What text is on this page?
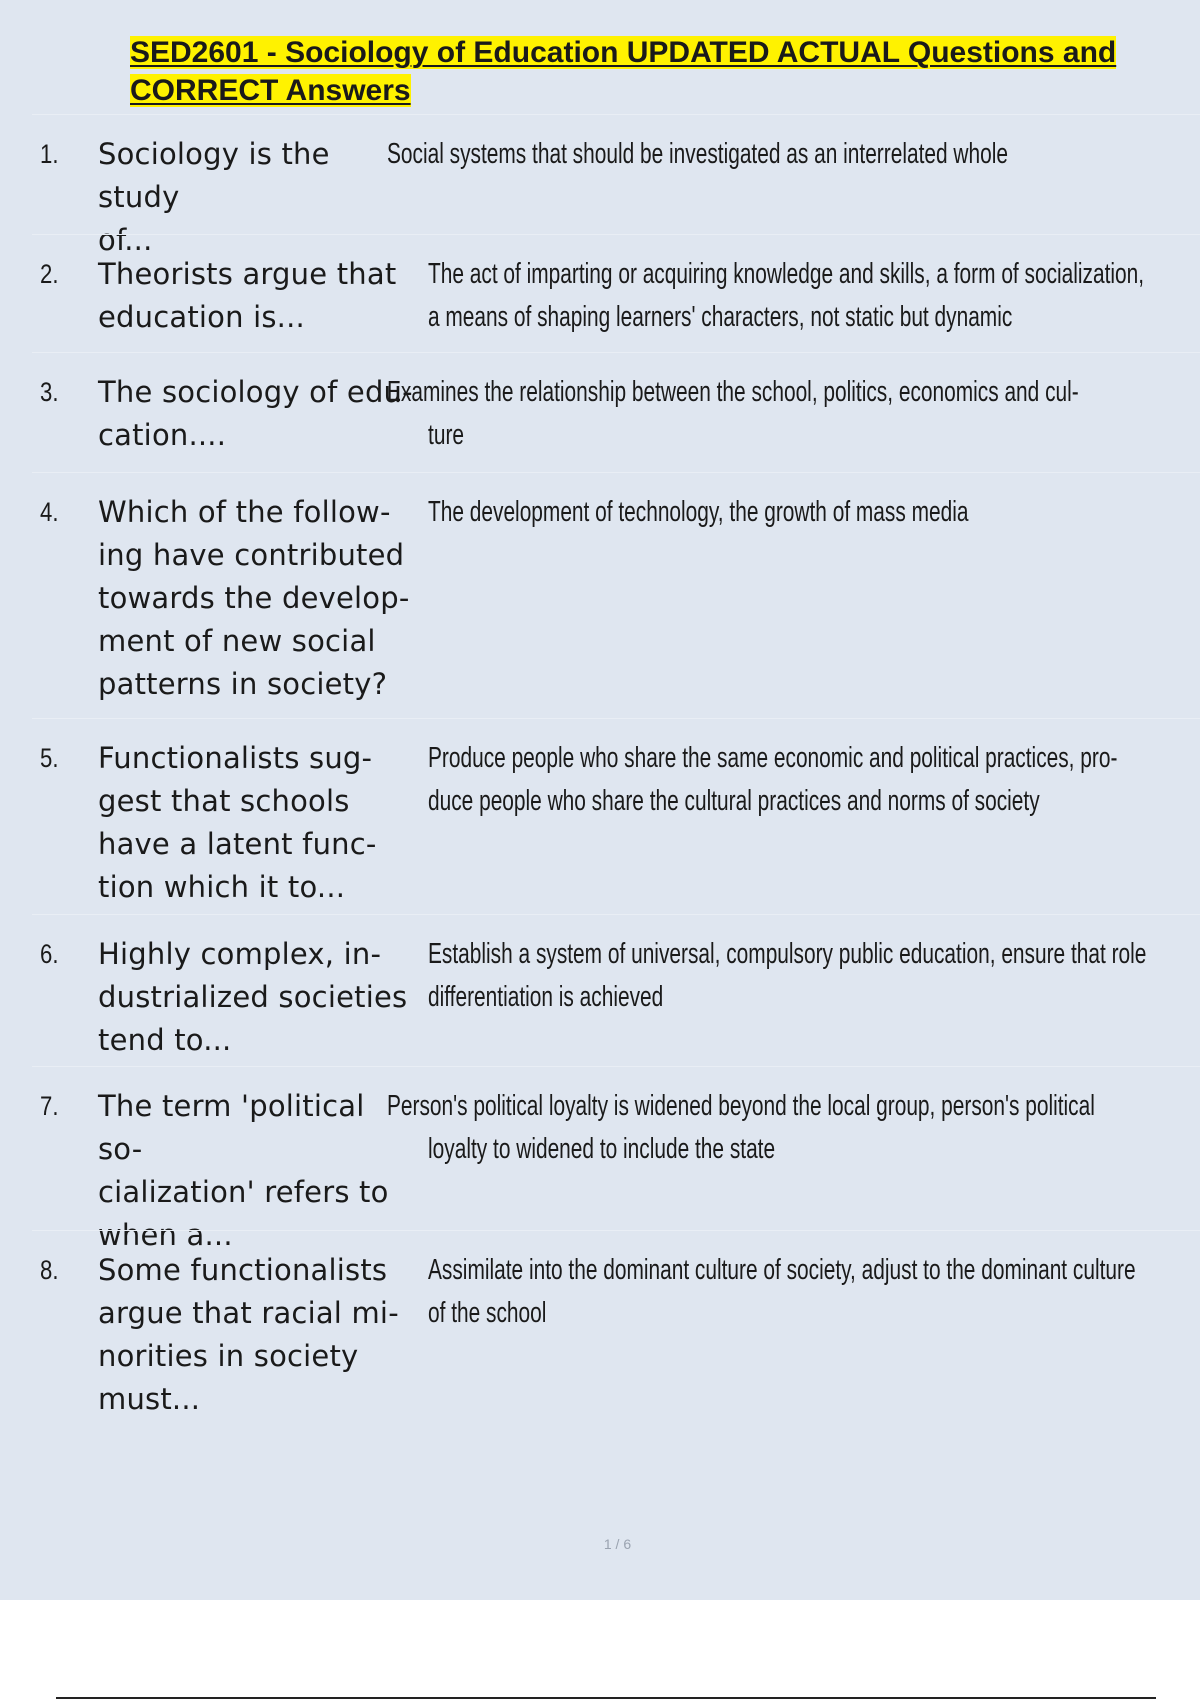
SED2601 - Sociology of Education UPDATED ACTUAL Questions and CORRECT Answers
1. Sociology is the study
of...
Social systems that should be investigated as an interrelated whole
2. Theorists argue that
education is...
The act of imparting or acquiring knowledge and skills, a form of socialization,
a means of shaping learners' characters, not static but dynamic
3. The sociology of edu-
cation....
Examines the relationship between the school, politics, economics and cul-
ture
4. Which of the follow-
ing have contributed
towards the develop-
ment of new social
patterns in society?
The development of technology, the growth of mass media
5. Functionalists sug-
gest that schools
have a latent func-
tion which it to...
Produce people who share the same economic and political practices, pro-
duce people who share the cultural practices and norms of society
6. Highly complex, in-
dustrialized societies
tend to...
Establish a system of universal, compulsory public education, ensure that role
differentiation is achieved
7. The term 'political so-
cialization' refers to
when a...
Person's political loyalty is widened beyond the local group, person's political
loyalty to widened to include the state
8. Some functionalists
argue that racial mi-
norities in society
must...
Assimilate into the dominant culture of society, adjust to the dominant culture
of the school
1 / 6
